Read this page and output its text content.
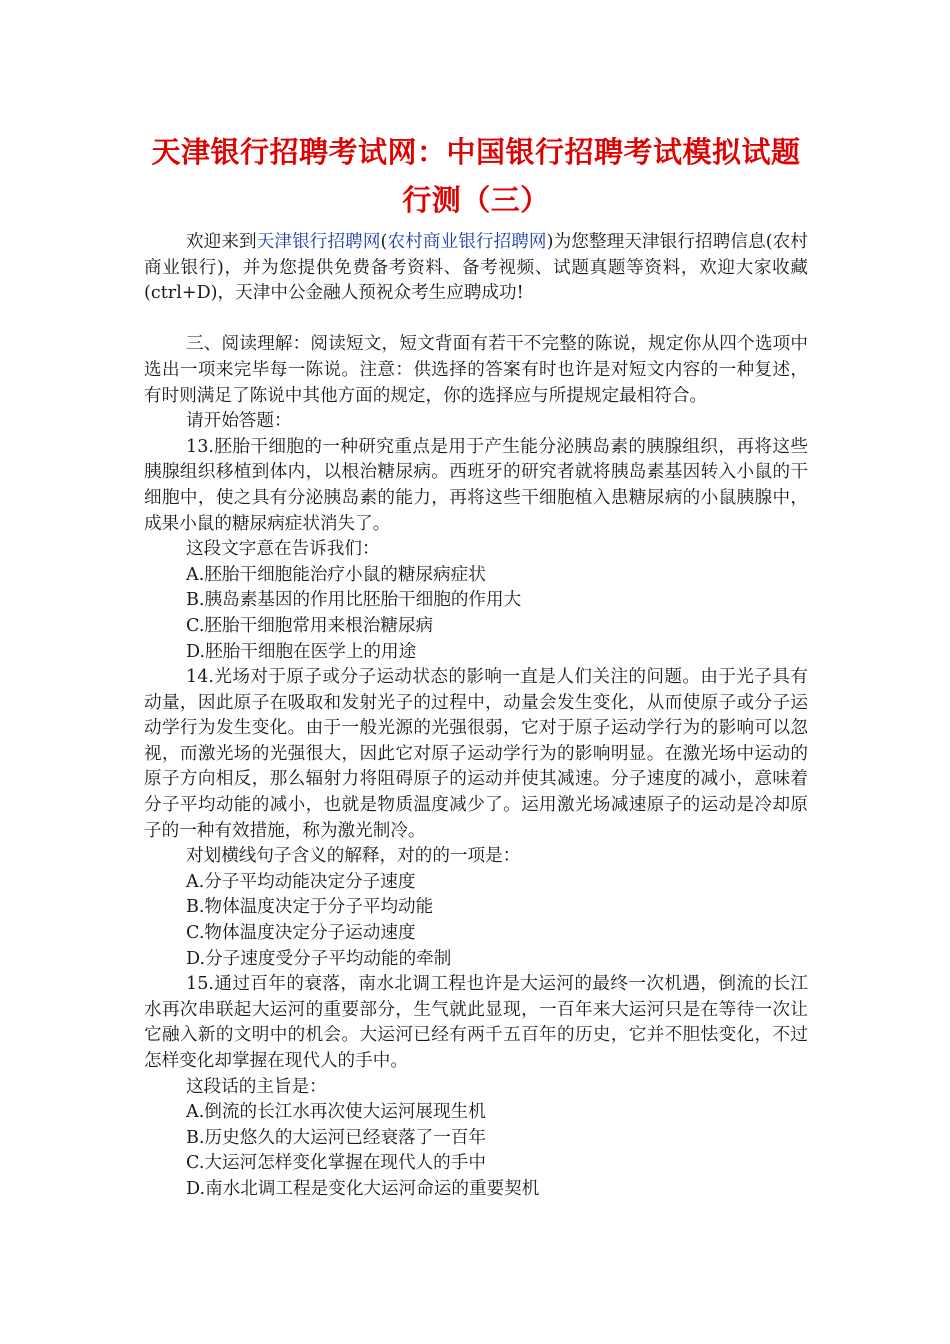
天津银行招聘考试网：中国银行招聘考试模拟试题
行测（三）

欢迎来到天津银行招聘网(农村商业银行招聘网)为您整理天津银行招聘信息(农村商业银行)，并为您提供免费备考资料、备考视频、试题真题等资料，欢迎大家收藏(ctrl+D)，天津中公金融人预祝众考生应聘成功!

三、阅读理解：阅读短文，短文背面有若干不完整的陈说，规定你从四个选项中选出一项来完毕每一陈说。注意：供选择的答案有时也许是对短文内容的一种复述，有时则满足了陈说中其他方面的规定，你的选择应与所提规定最相符合。

请开始答题：

13.胚胎干细胞的一种研究重点是用于产生能分泌胰岛素的胰腺组织，再将这些胰腺组织移植到体内，以根治糖尿病。西班牙的研究者就将胰岛素基因转入小鼠的干细胞中，使之具有分泌胰岛素的能力，再将这些干细胞植入患糖尿病的小鼠胰腺中，成果小鼠的糖尿病症状消失了。

这段文字意在告诉我们：

A.胚胎干细胞能治疗小鼠的糖尿病症状

B.胰岛素基因的作用比胚胎干细胞的作用大

C.胚胎干细胞常用来根治糖尿病

D.胚胎干细胞在医学上的用途

14.光场对于原子或分子运动状态的影响一直是人们关注的问题。由于光子具有动量，因此原子在吸取和发射光子的过程中，动量会发生变化，从而使原子或分子运动学行为发生变化。由于一般光源的光强很弱，它对于原子运动学行为的影响可以忽视，而激光场的光强很大，因此它对原子运动学行为的影响明显。在激光场中运动的原子方向相反，那么辐射力将阻碍原子的运动并使其减速。分子速度的减小，意味着分子平均动能的减小，也就是物质温度减少了。运用激光场减速原子的运动是冷却原子的一种有效措施，称为激光制冷。

对划横线句子含义的解释，对的的一项是：

A.分子平均动能决定分子速度

B.物体温度决定于分子平均动能

C.物体温度决定分子运动速度

D.分子速度受分子平均动能的牵制

15.通过百年的衰落，南水北调工程也许是大运河的最终一次机遇，倒流的长江水再次串联起大运河的重要部分，生气就此显现，一百年来大运河只是在等待一次让它融入新的文明中的机会。大运河已经有两千五百年的历史，它并不胆怯变化，不过怎样变化却掌握在现代人的手中。

这段话的主旨是：

A.倒流的长江水再次使大运河展现生机

B.历史悠久的大运河已经衰落了一百年

C.大运河怎样变化掌握在现代人的手中

D.南水北调工程是变化大运河命运的重要契机
